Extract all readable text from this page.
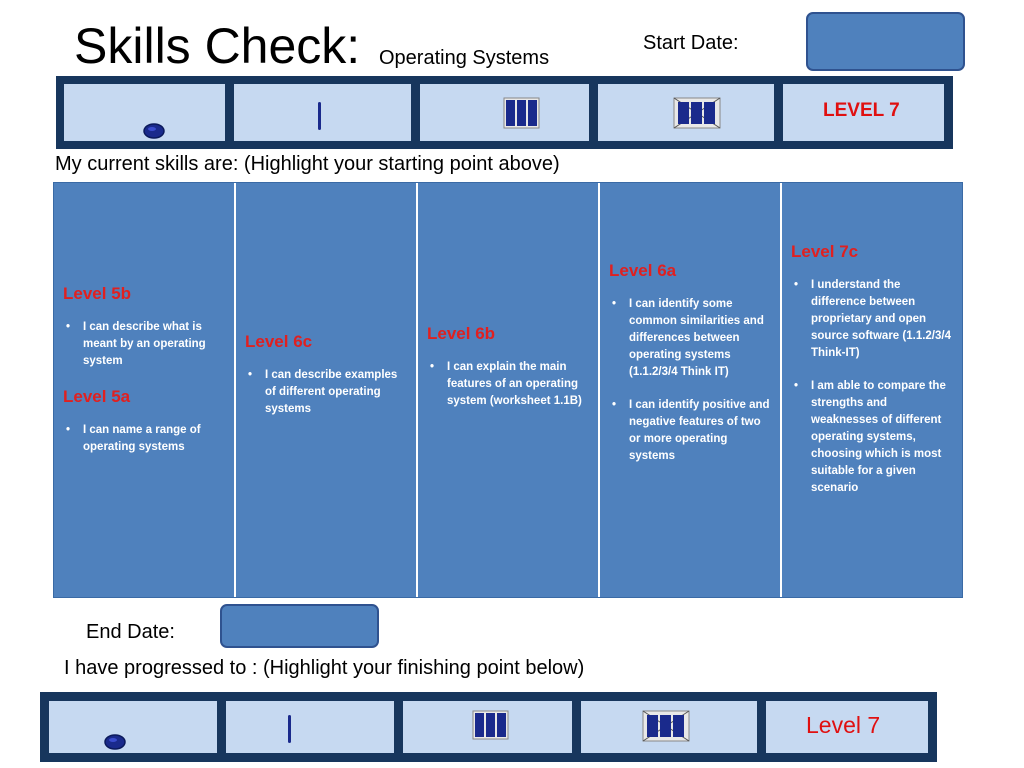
Skills Check: Operating Systems
Start Date:
LEVEL 7
My current skills are: (Highlight your starting point above)
Level 5b
• I can describe what is meant by an operating system
Level 5a
• I can name a range of operating systems
Level 6c
• I can describe examples of different operating systems
Level 6b
• I can explain the main features of an operating system (worksheet 1.1B)
Level 6a
• I can identify some common similarities and differences between operating systems (1.1.2/3/4 Think IT)
• I can identify positive and negative features of two or more operating systems
Level 7c
• I understand the difference between proprietary and open source software (1.1.2/3/4 Think-IT)
• I am able to compare the strengths and weaknesses of different operating systems, choosing which is most suitable for a given scenario
End Date:
I have progressed to : (Highlight your finishing point below)
Level 7
